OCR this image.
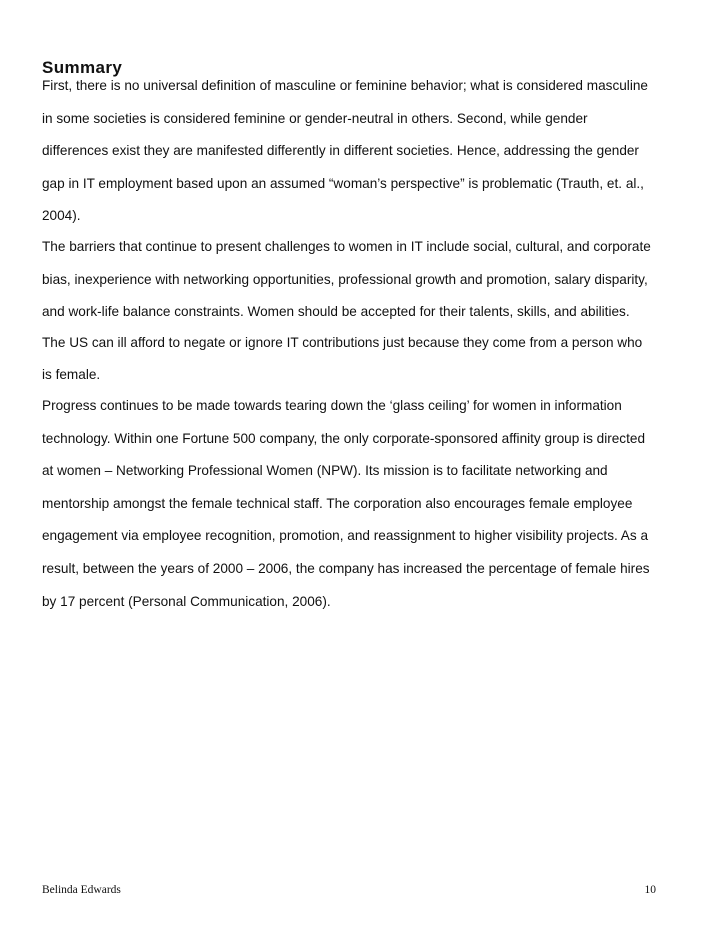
Summary

First, there is no universal definition of masculine or feminine behavior; what is considered masculine
in some societies is considered feminine or gender-neutral in others. Second, while gender
differences exist they are manifested differently in different societies. Hence, addressing the gender
gap in IT employment based upon an assumed “woman’s perspective” is problematic (Trauth, et. al.,
2004).

The barriers that continue to present challenges to women in IT include social, cultural, and corporate
bias, inexperience with networking opportunities, professional growth and promotion, salary disparity,
and work-life balance constraints. Women should be accepted for their talents, skills, and abilities.

The US can ill afford to negate or ignore IT contributions just because they come from a person who
is female.

Progress continues to be made towards tearing down the ‘glass ceiling’ for women in information
technology. Within one Fortune 500 company, the only corporate-sponsored affinity group is directed
at women – Networking Professional Women (NPW). Its mission is to facilitate networking and
mentorship amongst the female technical staff. The corporation also encourages female employee
engagement via employee recognition, promotion, and reassignment to higher visibility projects. As a
result, between the years of 2000 – 2006, the company has increased the percentage of female hires
by 17 percent (Personal Communication, 2006).

Belinda Edwards	10
